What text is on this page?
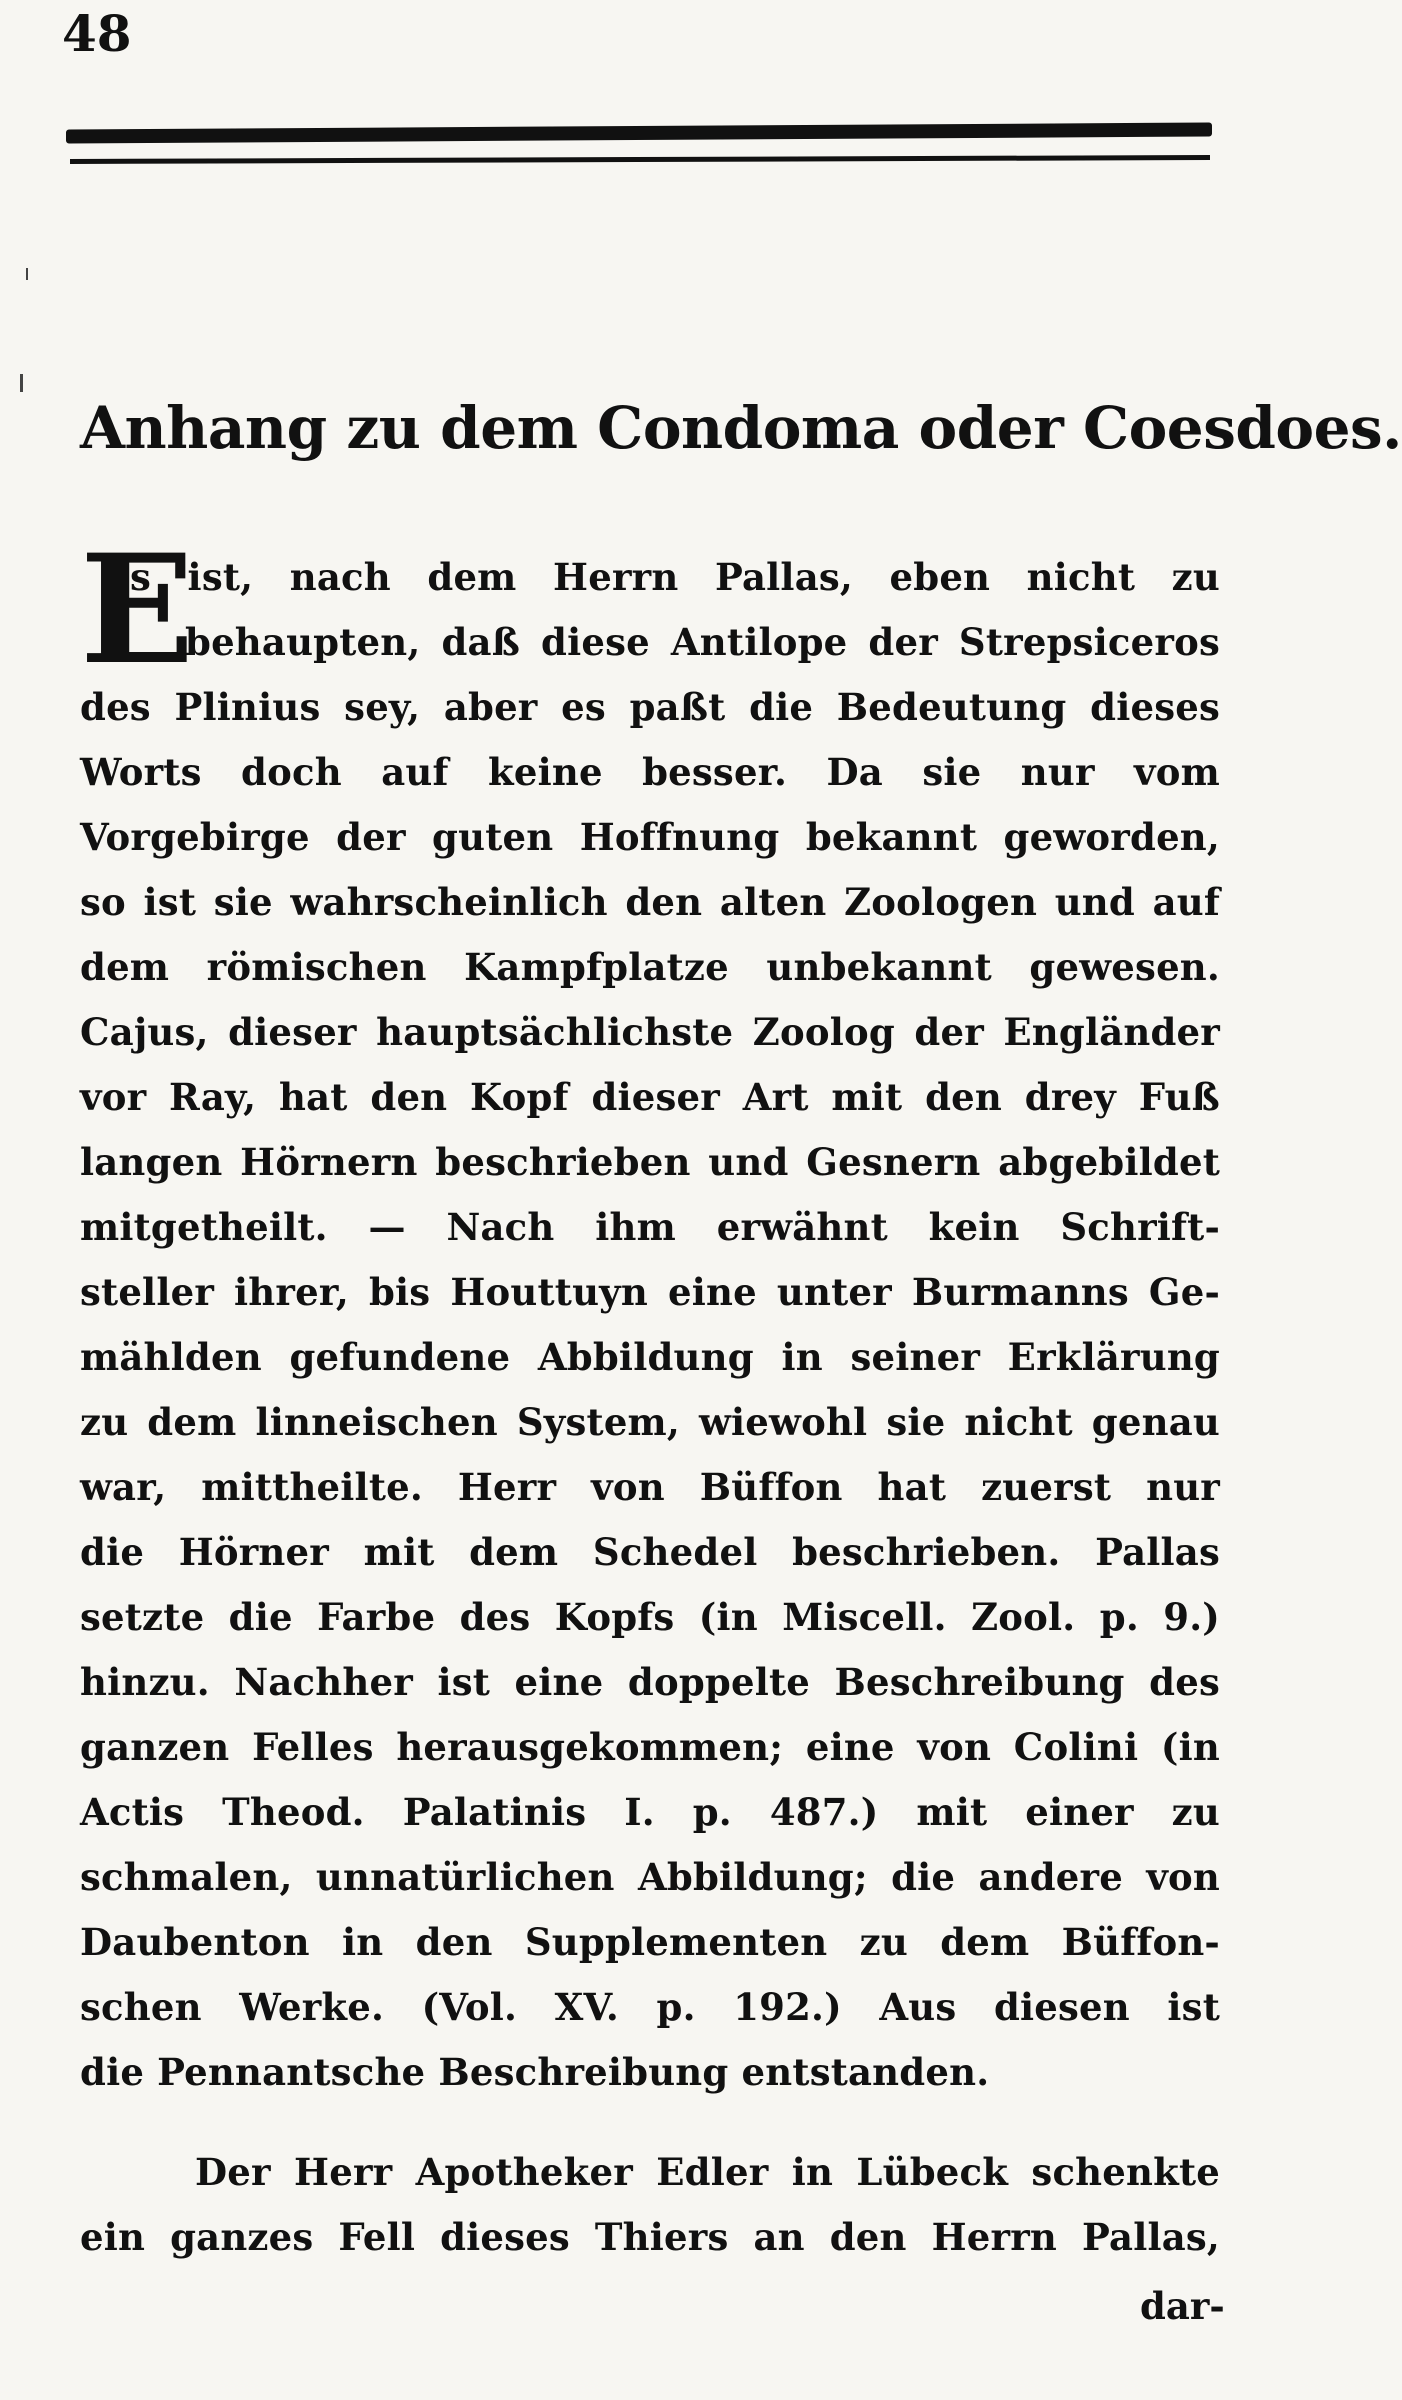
48
Anhang zu dem Condoma oder Coesdoes.
E
s ist, nach dem Herrn Pallas, eben nicht zu
behaupten, daß diese Antilope der Strepsiceros
des Plinius sey, aber es paßt die Bedeutung dieses
Worts doch auf keine besser. Da sie nur vom
Vorgebirge der guten Hoffnung bekannt geworden,
so ist sie wahrscheinlich den alten Zoologen und auf
dem römischen Kampfplatze unbekannt gewesen.
Cajus, dieser hauptsächlichste Zoolog der Engländer
vor Ray, hat den Kopf dieser Art mit den drey Fuß
langen Hörnern beschrieben und Gesnern abgebildet
mitgetheilt. — Nach ihm erwähnt kein Schrift-
steller ihrer, bis Houttuyn eine unter Burmanns Ge-
mählden gefundene Abbildung in seiner Erklärung
zu dem linneischen System, wiewohl sie nicht genau
war, mittheilte. Herr von Büffon hat zuerst nur
die Hörner mit dem Schedel beschrieben. Pallas
setzte die Farbe des Kopfs (in Miscell. Zool. p. 9.)
hinzu. Nachher ist eine doppelte Beschreibung des
ganzen Felles herausgekommen; eine von Colini (in
Actis Theod. Palatinis I. p. 487.) mit einer zu
schmalen, unnatürlichen Abbildung; die andere von
Daubenton in den Supplementen zu dem Büffon-
schen Werke. (Vol. XV. p. 192.) Aus diesen ist
die Pennantsche Beschreibung entstanden.
Der Herr Apotheker Edler in Lübeck schenkte
ein ganzes Fell dieses Thiers an den Herrn Pallas,
dar-
